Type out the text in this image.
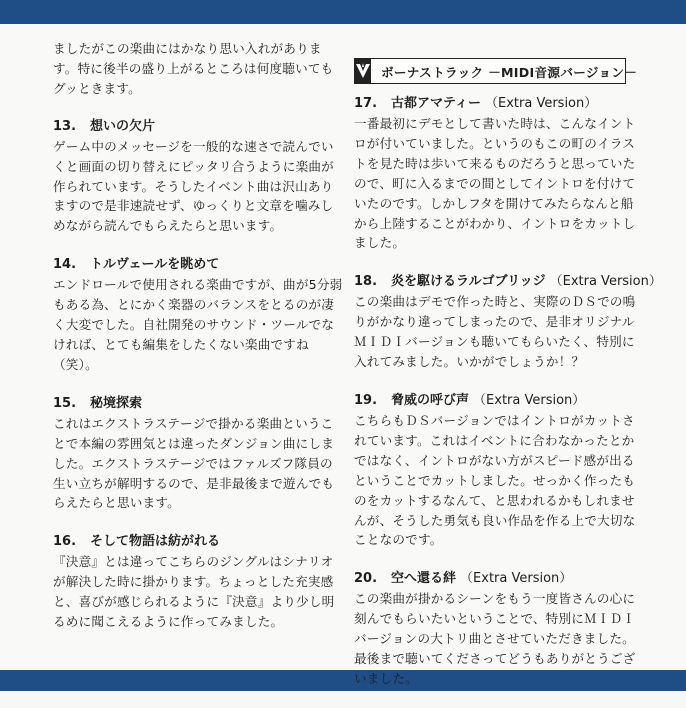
ましたがこの楽曲にはかなり思い入れがあります。特に後半の盛り上がるところは何度聴いてもグッときます。

13. 想いの欠片

ゲーム中のメッセージを一般的な速さで読んでいくと画面の切り替えにピッタリ合うように楽曲が作られています。そうしたイベント曲は沢山ありますので是非速読せず、ゆっくりと文章を噛みしめながら読んでもらえたらと思います。

14. トルヴェールを眺めて

エンドロールで使用される楽曲ですが、曲が5分弱もある為、とにかく楽器のバランスをとるのが凄く大変でした。自社開発のサウンド・ツールでなければ、とても編集をしたくない楽曲ですね（笑）。

15. 秘境探索

これはエクストラステージで掛かる楽曲ということで本編の雰囲気とは違ったダンジョン曲にしました。エクストラステージではファルズフ隊員の生い立ちが解明するので、是非最後まで遊んでもらえたらと思います。

16. そして物語は紡がれる

『決意』とは違ってこちらのジングルはシナリオが解決した時に掛かります。ちょっとした充実感と、喜びが感じられるように『決意』より少し明るめに聞こえるように作ってみました。

ボーナストラック －MIDI音源バージョン－

17. 古都アマティー （Extra Version）

一番最初にデモとして書いた時は、こんなイントロが付いていました。というのもこの町のイラストを見た時は歩いて来るものだろうと思っていたので、町に入るまでの間としてイントロを付けていたのです。しかしフタを開けてみたらなんと船から上陸することがわかり、イントロをカットしました。

18. 炎を駆けるラルゴブリッジ （Extra Version）

この楽曲はデモで作った時と、実際のＤＳでの鳴りがかなり違ってしまったので、是非オリジナルＭＩＤＩバージョンも聴いてもらいたく、特別に入れてみました。いかがでしょうか！？

19. 脅威の呼び声 （Extra Version）

こちらもＤＳバージョンではイントロがカットされています。これはイベントに合わなかったとかではなく、イントロがない方がスピード感が出るということでカットしました。せっかく作ったものをカットするなんて、と思われるかもしれませんが、そうした勇気も良い作品を作る上で大切なことなのです。

20. 空へ還る絆 （Extra Version）

この楽曲が掛かるシーンをもう一度皆さんの心に刻んでもらいたいということで、特別にＭＩＤＩバージョンの大トリ曲とさせていただきました。最後まで聴いてくださってどうもありがとうございました。
